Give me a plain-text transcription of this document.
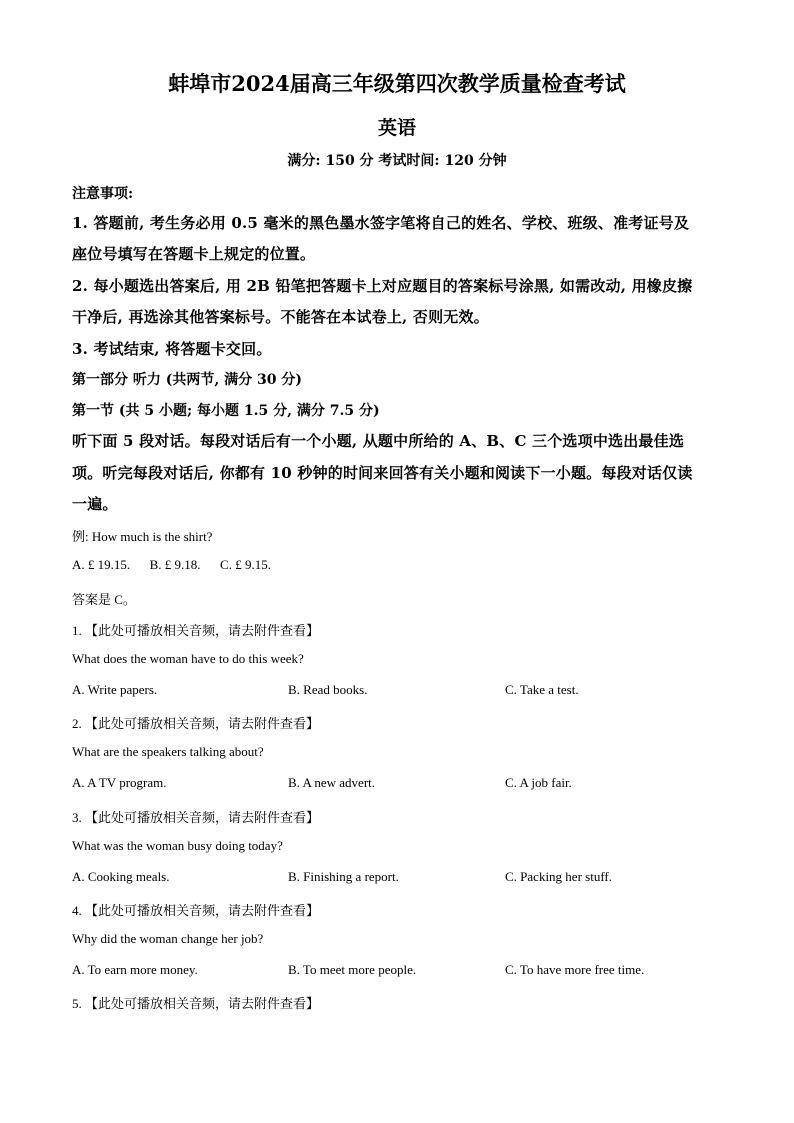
蚌埠市2024届高三年级第四次教学质量检查考试
英语
满分: 150 分 考试时间: 120 分钟
注意事项:
1. 答题前, 考生务必用 0.5 毫米的黑色墨水签字笔将自己的姓名、学校、班级、准考证号及
座位号填写在答题卡上规定的位置。
2. 每小题选出答案后, 用 2B 铅笔把答题卡上对应题目的答案标号涂黑, 如需改动, 用橡皮擦
干净后, 再选涂其他答案标号。不能答在本试卷上, 否则无效。
3. 考试结束, 将答题卡交回。
第一部分 听力 (共两节, 满分 30 分)
第一节 (共 5 小题; 每小题 1.5 分, 满分 7.5 分)
听下面 5 段对话。每段对话后有一个小题, 从题中所给的 A、B、C 三个选项中选出最佳选
项。听完每段对话后, 你都有 10 秒钟的时间来回答有关小题和阅读下一小题。每段对话仅读
一遍。
例: How much is the shirt?
A. £ 19.15.      B. £ 9.18.      C. £ 9.15.
答案是 C。
1. 【此处可播放相关音频，请去附件查看】
What does the woman have to do this week?
A. Write papers.	B. Read books.	C. Take a test.
2. 【此处可播放相关音频，请去附件查看】
What are the speakers talking about?
A. A TV program.	B. A new advert.	C. A job fair.
3. 【此处可播放相关音频，请去附件查看】
What was the woman busy doing today?
A. Cooking meals.	B. Finishing a report.	C. Packing her stuff.
4. 【此处可播放相关音频，请去附件查看】
Why did the woman change her job?
A. To earn more money.	B. To meet more people.	C. To have more free time.
5. 【此处可播放相关音频，请去附件查看】
